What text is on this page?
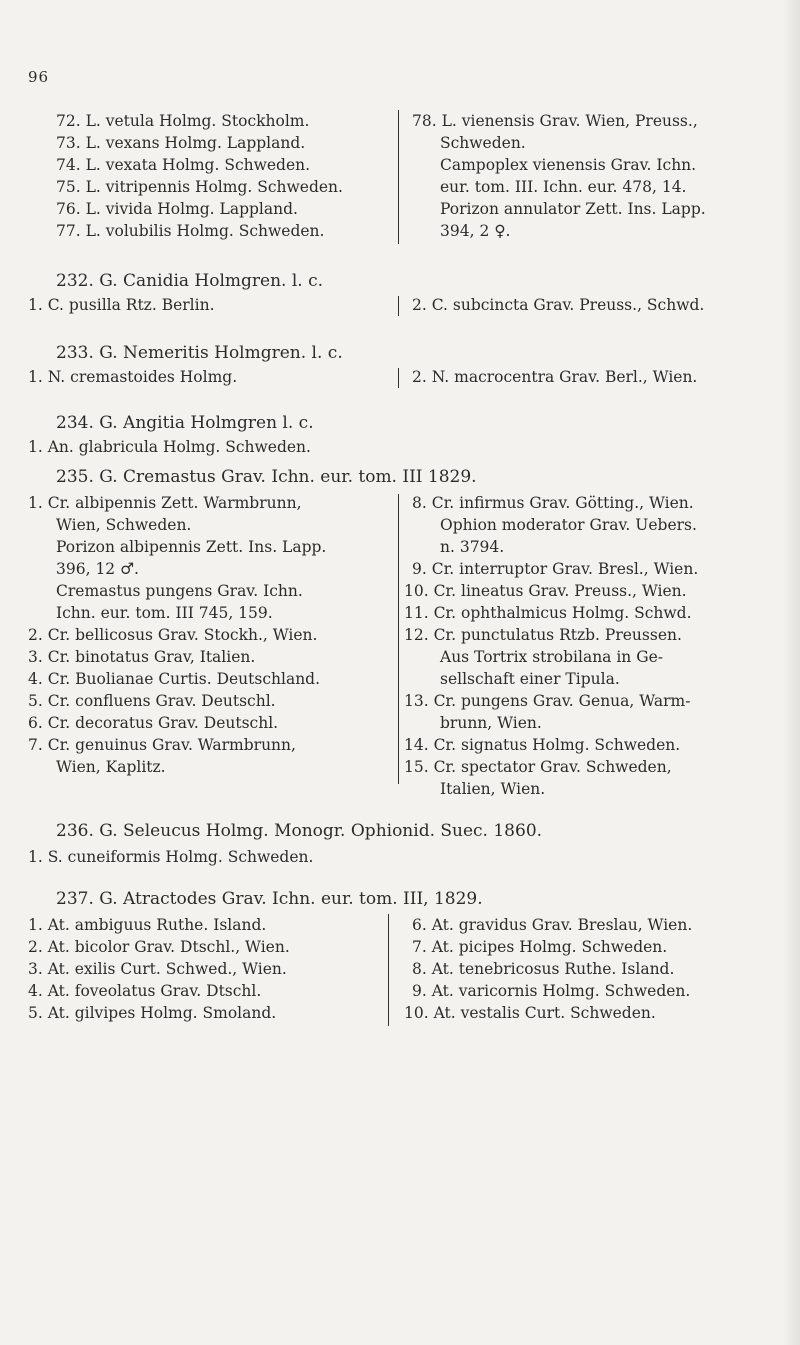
96
72. L. vetula Holmg. Stockholm.
73. L. vexans Holmg. Lappland.
74. L. vexata Holmg. Schweden.
75. L. vitripennis Holmg. Schweden.
76. L. vivida Holmg. Lappland.
77. L. volubilis Holmg. Schweden.
78. L. vienensis Grav. Wien, Preuss.,
Schweden.
Campoplex vienensis Grav. Ichn.
eur. tom. III. Ichn. eur. 478, 14.
Porizon annulator Zett. Ins. Lapp.
394, 2 ♀.
232. G. Canidia Holmgren. l. c.
1. C. pusilla Rtz. Berlin.	2. C. subcincta Grav. Preuss., Schwd.
233. G. Nemeritis Holmgren. l. c.
1. N. cremastoides Holmg.	2. N. macrocentra Grav. Berl., Wien.
234. G. Angitia Holmgren l. c.
1. An. glabricula Holmg. Schweden.
235. G. Cremastus Grav. Ichn. eur. tom. III 1829.
1. Cr. albipennis Zett. Warmbrunn,
Wien, Schweden.
Porizon albipennis Zett. Ins. Lapp.
396, 12 ♂.
Cremastus pungens Grav. Ichn.
Ichn. eur. tom. III 745, 159.
2. Cr. bellicosus Grav. Stockh., Wien.
3. Cr. binotatus Grav, Italien.
4. Cr. Buolianae Curtis. Deutschland.
5. Cr. confluens Grav. Deutschl.
6. Cr. decoratus Grav. Deutschl.
7. Cr. genuinus Grav. Warmbrunn,
Wien, Kaplitz.
8. Cr. infirmus Grav. Götting., Wien.
Ophion moderator Grav. Uebers.
n. 3794.
9. Cr. interruptor Grav. Bresl., Wien.
10. Cr. lineatus Grav. Preuss., Wien.
11. Cr. ophthalmicus Holmg. Schwd.
12. Cr. punctulatus Rtzb. Preussen.
Aus Tortrix strobilana in Ge-
sellschaft einer Tipula.
13. Cr. pungens Grav. Genua, Warm-
brunn, Wien.
14. Cr. signatus Holmg. Schweden.
15. Cr. spectator Grav. Schweden,
Italien, Wien.
236. G. Seleucus Holmg. Monogr. Ophionid. Suec. 1860.
1. S. cuneiformis Holmg. Schweden.
237. G. Atractodes Grav. Ichn. eur. tom. III, 1829.
1. At. ambiguus Ruthe. Island.
2. At. bicolor Grav. Dtschl., Wien.
3. At. exilis Curt. Schwed., Wien.
4. At. foveolatus Grav. Dtschl.
5. At. gilvipes Holmg. Smoland.
6. At. gravidus Grav. Breslau, Wien.
7. At. picipes Holmg. Schweden.
8. At. tenebricosus Ruthe. Island.
9. At. varicornis Holmg. Schweden.
10. At. vestalis Curt. Schweden.
